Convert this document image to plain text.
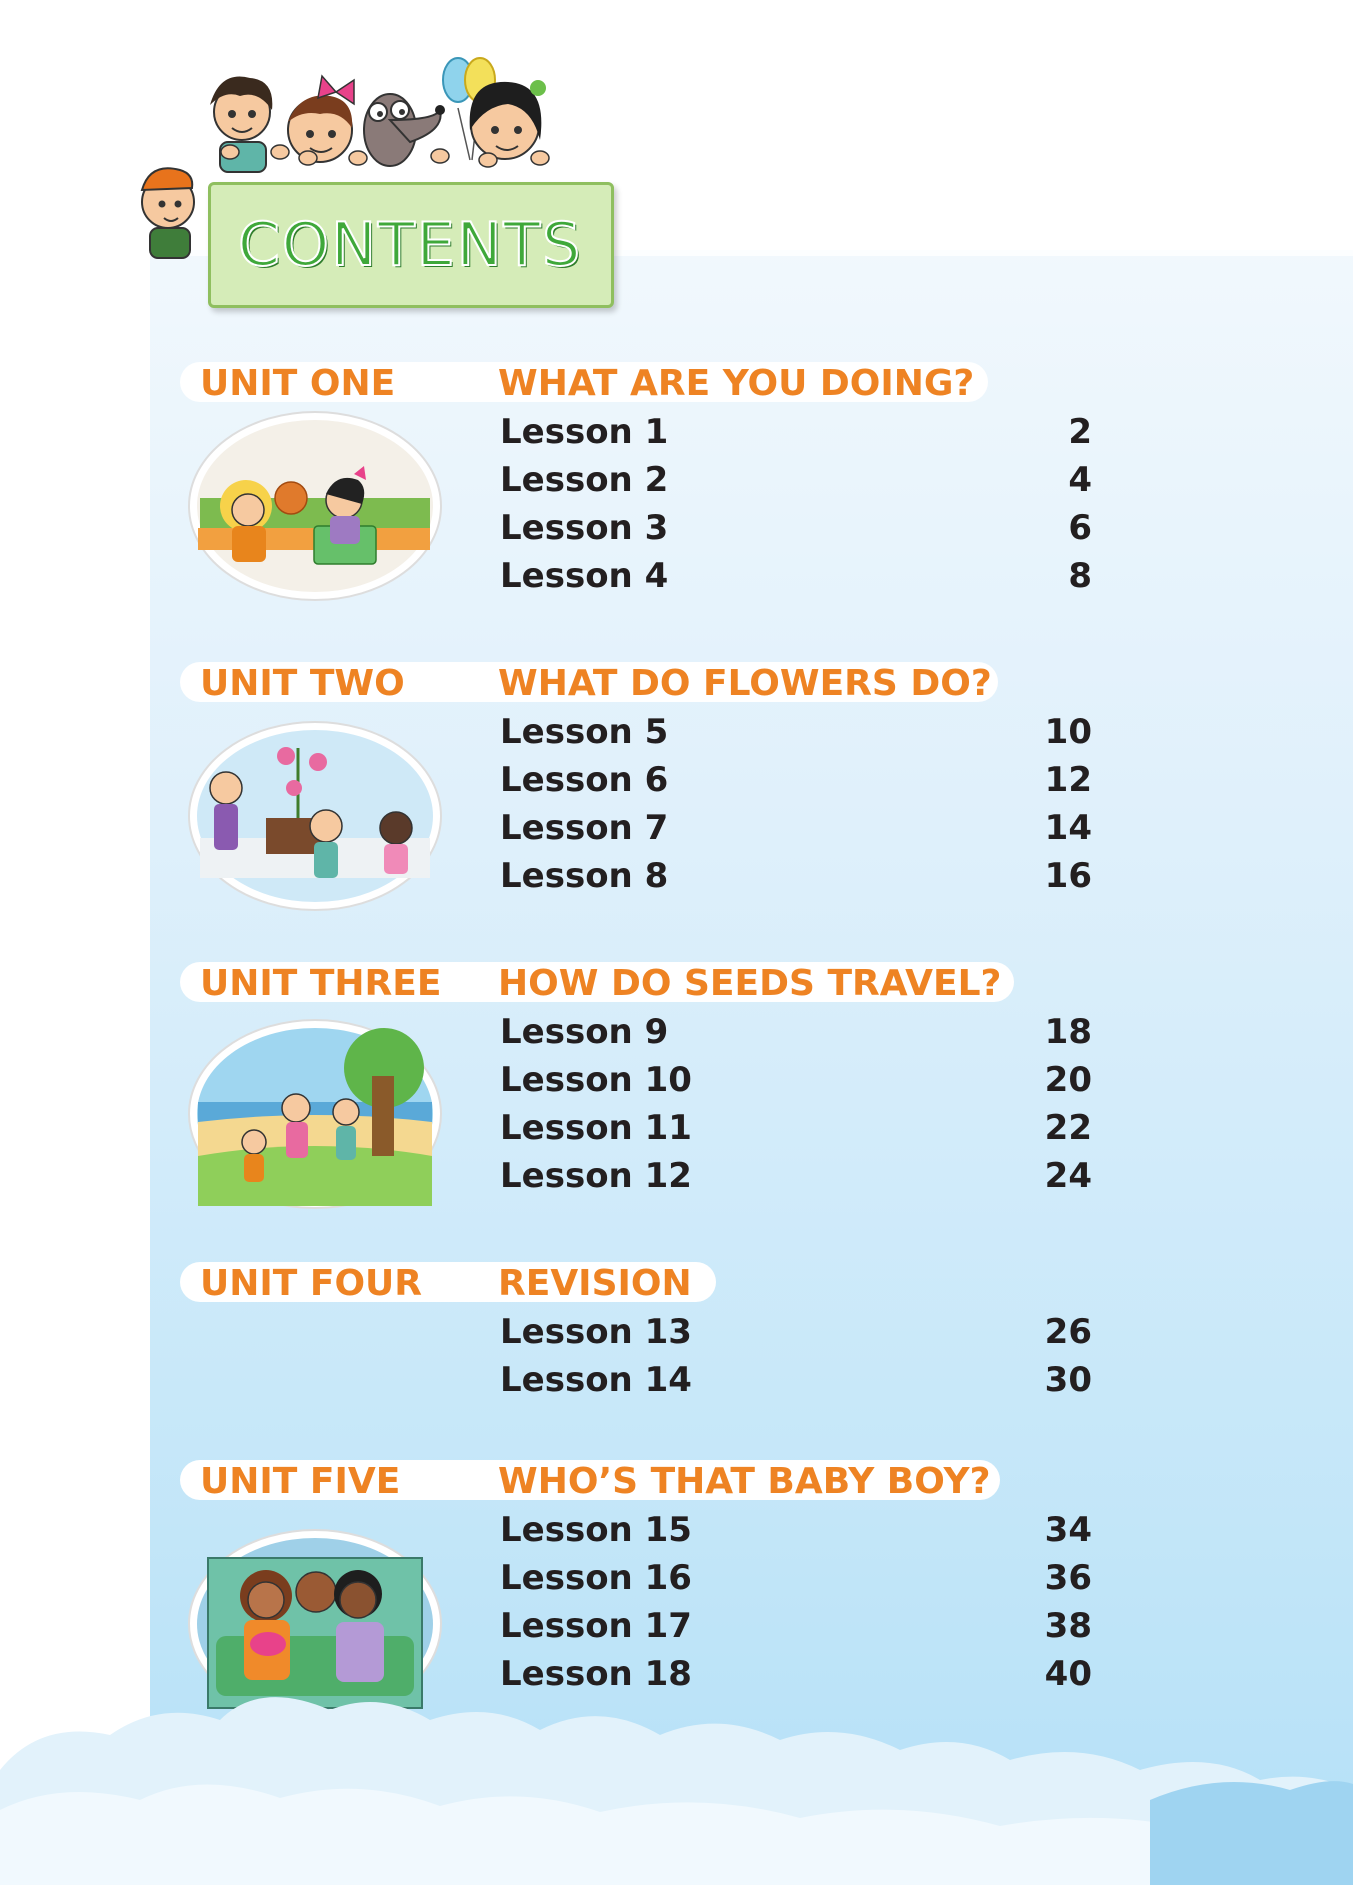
CONTENTS
UNIT ONE	WHAT ARE YOU DOING?
Lesson 1	2
Lesson 2	4
Lesson 3	6
Lesson 4	8
UNIT TWO	WHAT DO FLOWERS DO?
Lesson 5	10
Lesson 6	12
Lesson 7	14
Lesson 8	16
UNIT THREE HOW DO SEEDS TRAVEL?
Lesson 9	18
Lesson 10	20
Lesson 11	22
Lesson 12	24
UNIT FOUR REVISION
Lesson 13	26
Lesson 14	30
UNIT FIVE	WHO’S THAT BABY BOY?
Lesson 15	34
Lesson 16	36
Lesson 17	38
Lesson 18	40
